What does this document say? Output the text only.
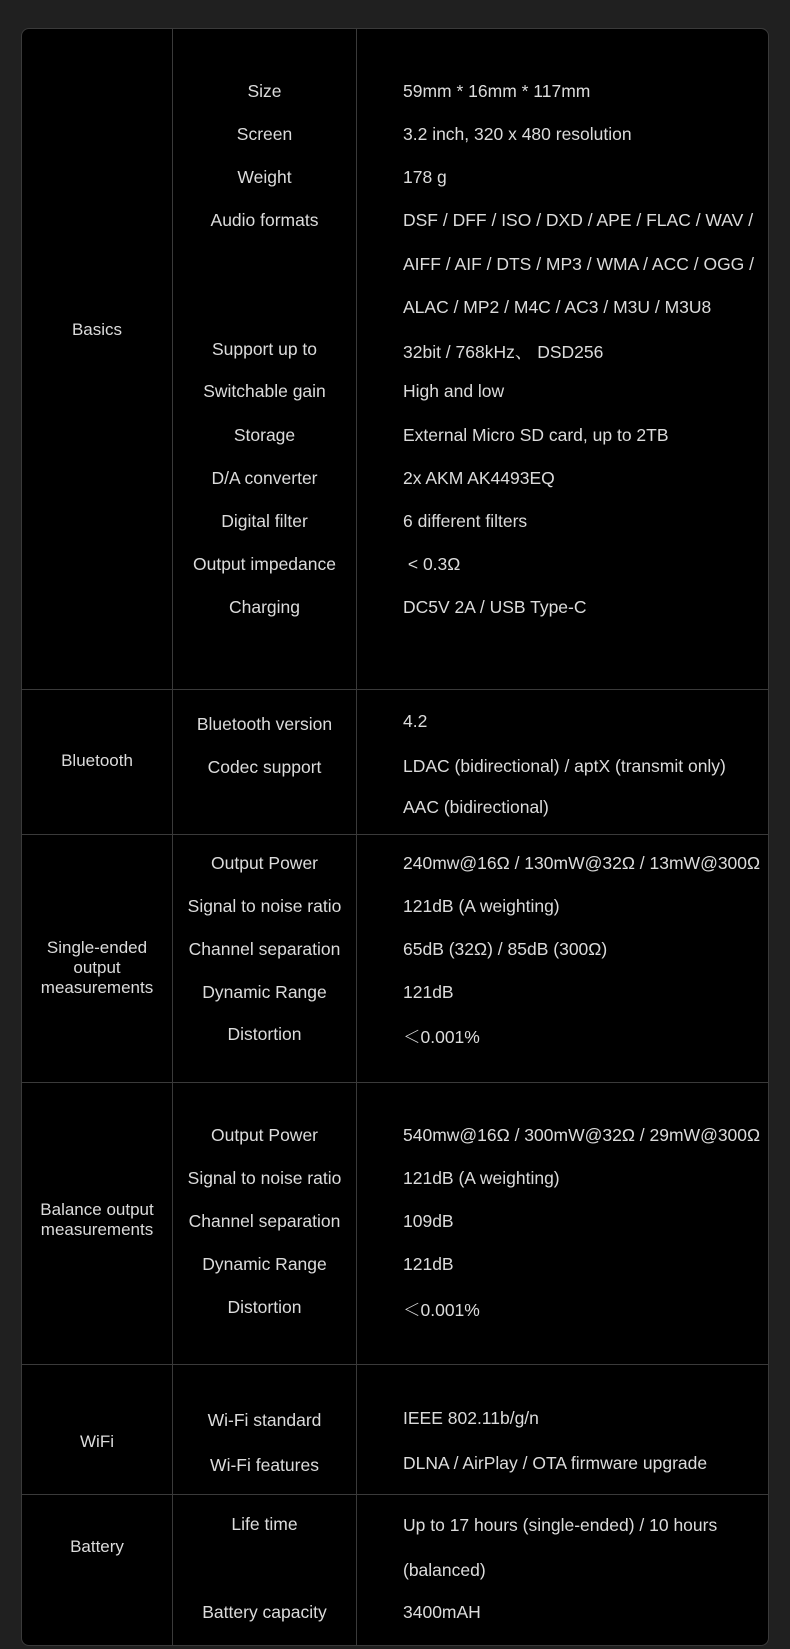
Basics
Size	59mm * 16mm * 117mm
Screen	3.2 inch, 320 x 480 resolution
Weight	178 g
Audio formats	DSF / DFF / ISO / DXD / APE / FLAC / WAV /
AIFF / AIF / DTS / MP3 / WMA / ACC / OGG /
ALAC / MP2 / M4C / AC3 / M3U / M3U8
Support up to	32bit / 768kHz、 DSD256
Switchable gain	High and low
Storage	External Micro SD card, up to 2TB
D/A converter	2x AKM AK4493EQ
Digital filter	6 different filters
Output impedance	< 0.3Ω
Charging	DC5V 2A / USB Type-C
Bluetooth
Bluetooth version	4.2
Codec support	LDAC (bidirectional) / aptX (transmit only)
AAC (bidirectional)
Single-ended
output
measurements
Output Power	240mw@16Ω / 130mW@32Ω / 13mW@300Ω
Signal to noise ratio	121dB (A weighting)
Channel separation	65dB (32Ω) / 85dB (300Ω)
Dynamic Range	121dB
Distortion	＜0.001%
Balance output
measurements
Output Power	540mw@16Ω / 300mW@32Ω / 29mW@300Ω
Signal to noise ratio	121dB (A weighting)
Channel separation	109dB
Dynamic Range	121dB
Distortion	＜0.001%
WiFi
Wi-Fi standard	IEEE 802.11b/g/n
Wi-Fi features	DLNA / AirPlay / OTA firmware upgrade
Battery
Life time	Up to 17 hours (single-ended) / 10 hours
(balanced)
Battery capacity	3400mAH
